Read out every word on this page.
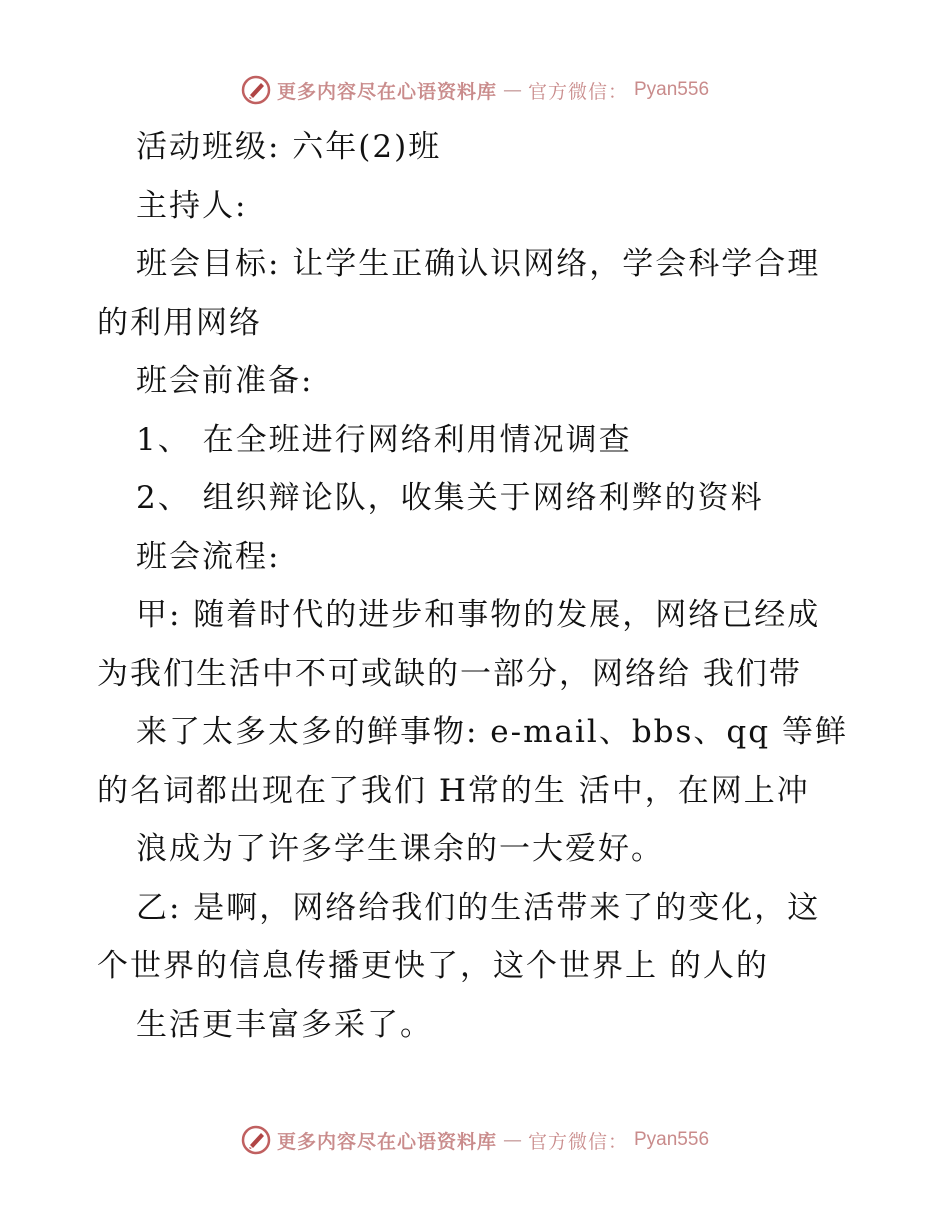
更多内容尽在心语资料库 — 官方微信： Pyan556
活动班级: 六年(2)班
主持人:
班会目标: 让学生正确认识网络，学会科学合理
的利用网络
班会前准备:
1、 在全班进行网络利用情况调查
2、 组织辩论队，收集关于网络利弊的资料
班会流程:
甲: 随着时代的进步和事物的发展，网络已经成
为我们生活中不可或缺的一部分，网络给 我们带
来了太多太多的鲜事物: e-mail、bbs、qq 等鲜
的名词都出现在了我们 H常的生 活中，在网上冲
浪成为了许多学生课余的一大爱好。
乙: 是啊，网络给我们的生活带来了的变化，这
个世界的信息传播更快了，这个世界上 的人的
生活更丰富多采了。
更多内容尽在心语资料库 — 官方微信： Pyan556
